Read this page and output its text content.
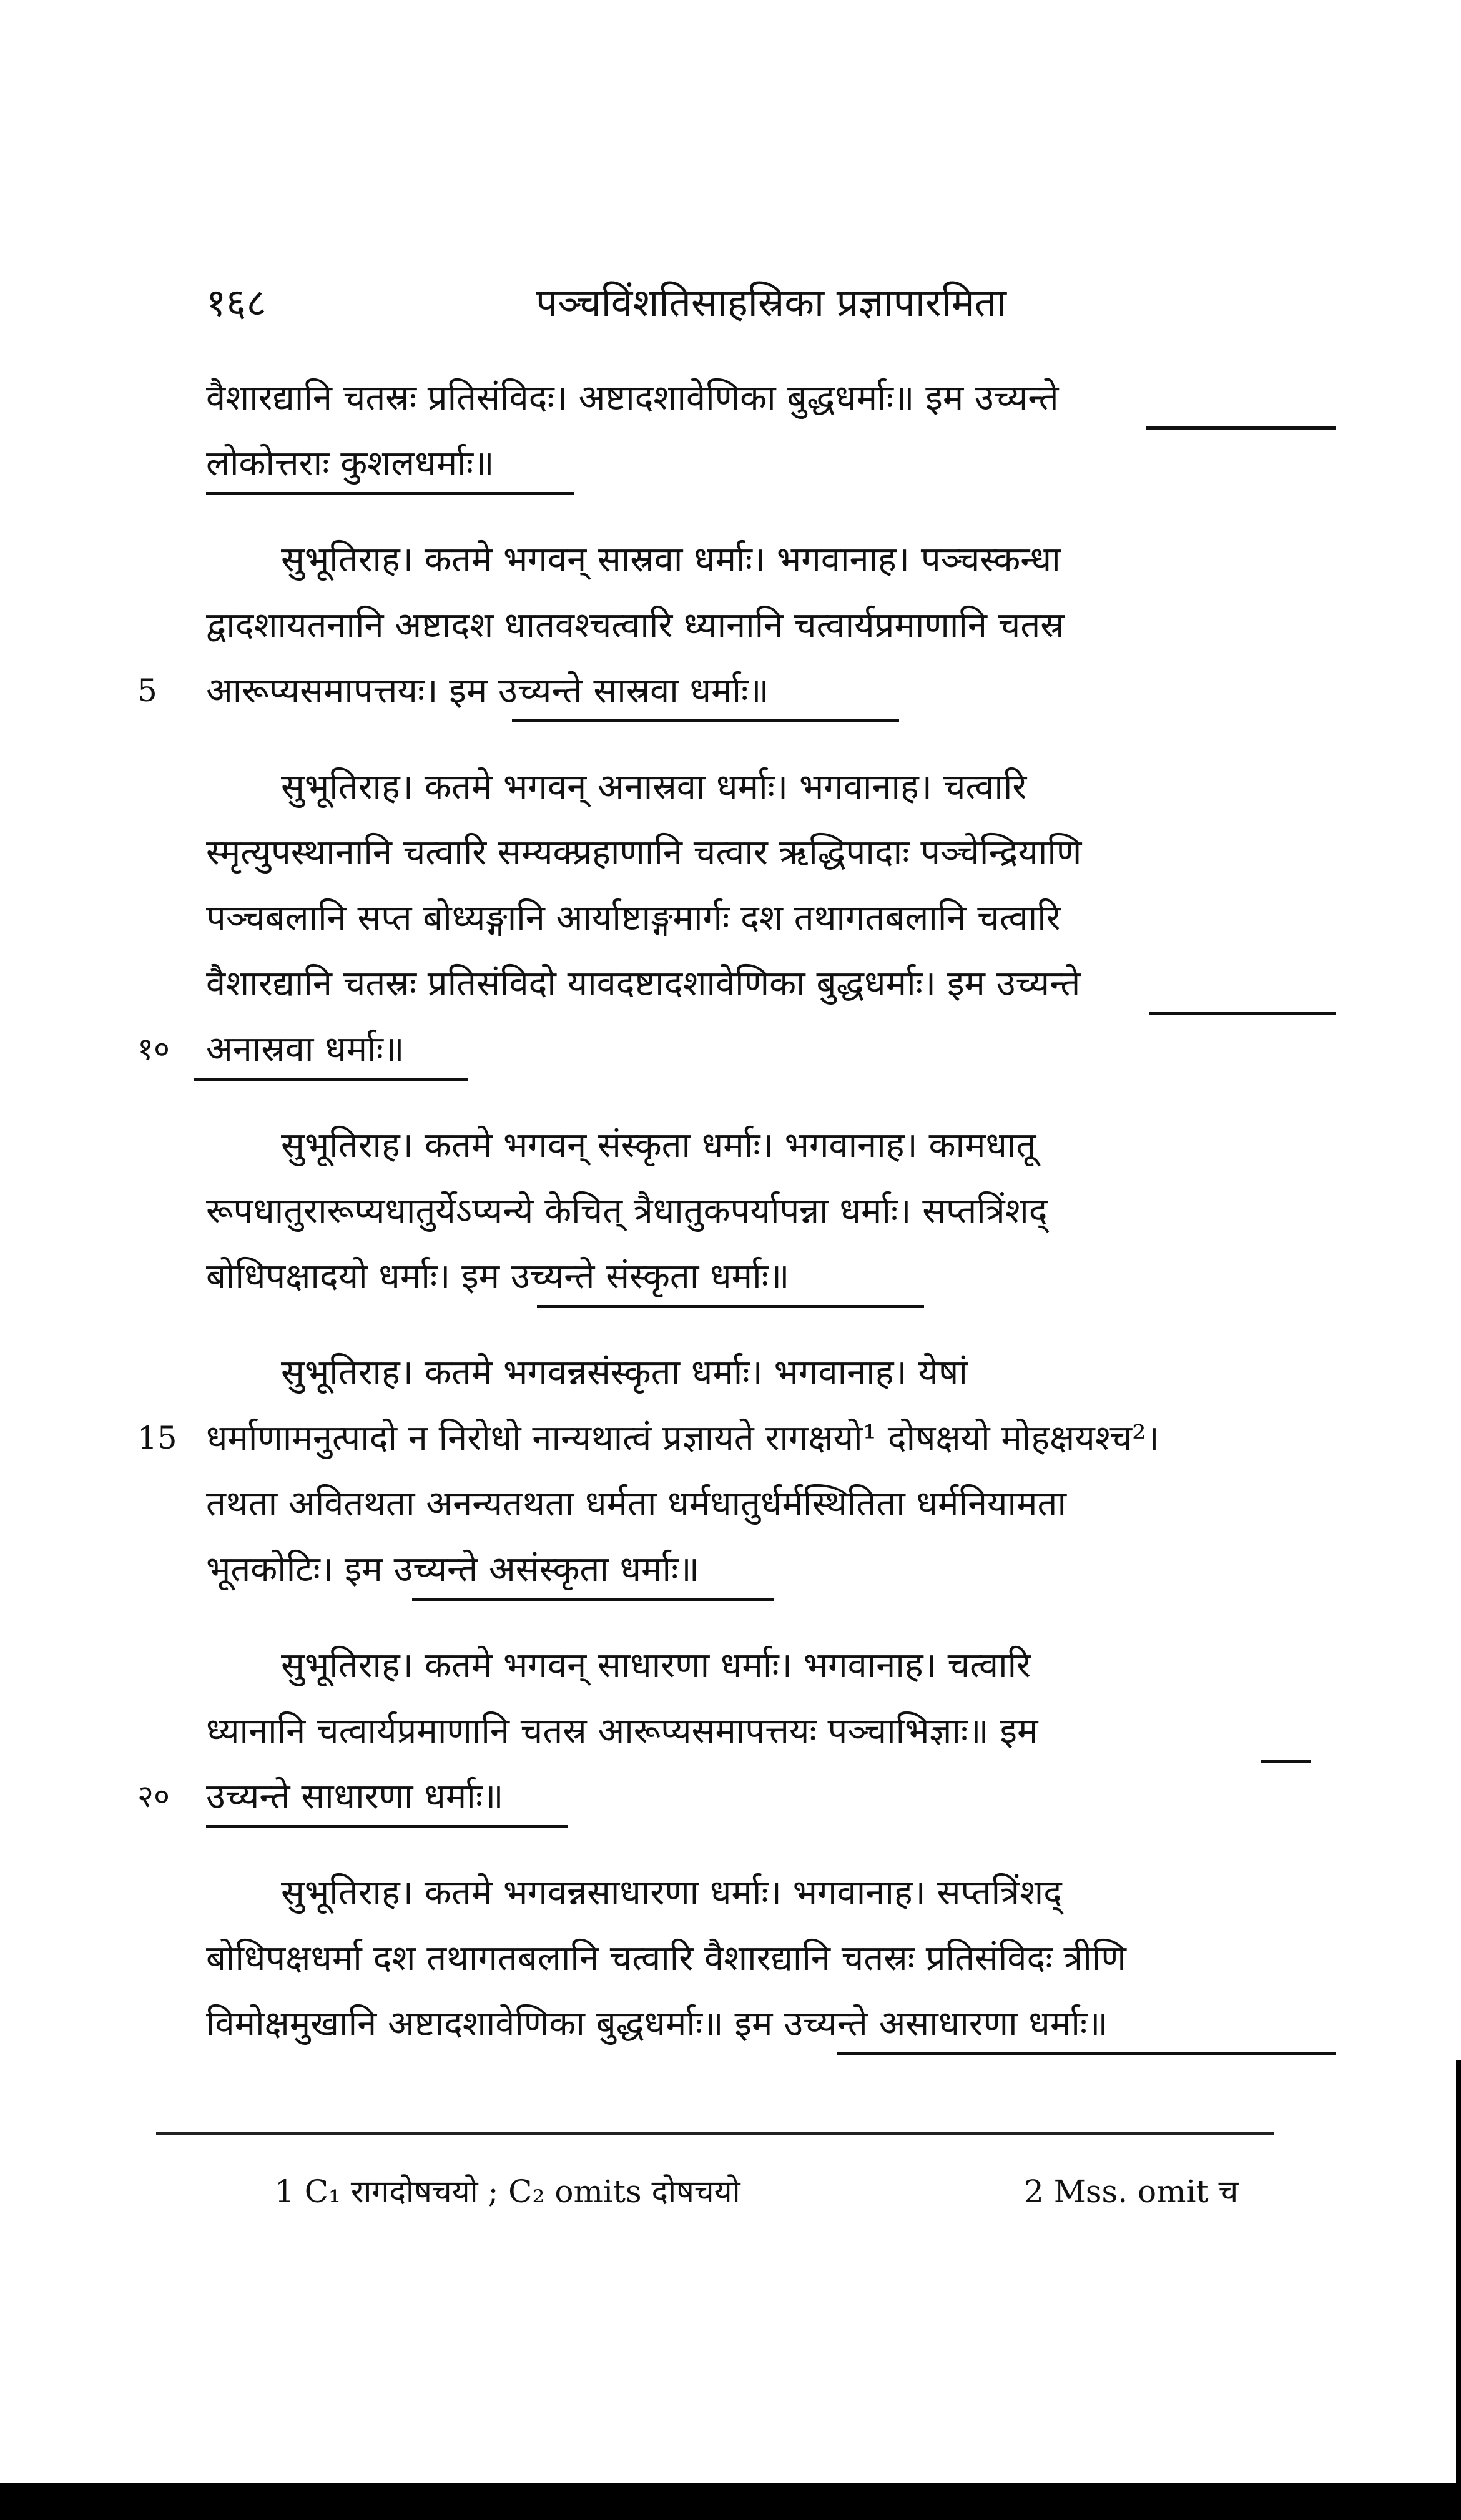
१६८	पञ्चविंशतिसाहस्रिका प्रज्ञापारमिता
वैशारद्यानि चतस्रः प्रतिसंविदः। अष्टादशावेणिका बुद्धधर्माः॥ इम उच्यन्ते
लोकोत्तराः कुशलधर्माः॥
सुभूतिराह। कतमे भगवन् सास्रवा धर्माः। भगवानाह। पञ्चस्कन्धा
द्वादशायतनानि अष्टादश धातवश्चत्वारि ध्यानानि चत्वार्यप्रमाणानि चतस्र
5	आरूप्यसमापत्तयः। इम उच्यन्ते सास्रवा धर्माः॥
सुभूतिराह। कतमे भगवन् अनास्रवा धर्माः। भगवानाह। चत्वारि
स्मृत्युपस्थानानि चत्वारि सम्यक्प्रहाणानि चत्वार ऋद्धिपादाः पञ्चेन्द्रियाणि
पञ्चबलानि सप्त बोध्यङ्गानि आर्याष्टाङ्गमार्गः दश तथागतबलानि चत्वारि
वैशारद्यानि चतस्रः प्रतिसंविदो यावदष्टादशावेणिका बुद्धधर्माः। इम उच्यन्ते
१०	अनास्रवा धर्माः॥
सुभूतिराह। कतमे भगवन् संस्कृता धर्माः। भगवानाह। कामधातू
रूपधातुरारूप्यधातुर्येऽप्यन्ये केचित् त्रैधातुकपर्यापन्ना धर्माः। सप्तत्रिंशद्
बोधिपक्षादयो धर्माः। इम उच्यन्ते संस्कृता धर्माः॥
सुभूतिराह। कतमे भगवन्नसंस्कृता धर्माः। भगवानाह। येषां
15 धर्माणामनुत्पादो न निरोधो नान्यथात्वं प्रज्ञायते रागक्षयो¹ दोषक्षयो मोहक्षयश्च²।
तथता अवितथता अनन्यतथता धर्मता धर्मधातुर्धर्मस्थितिता धर्मनियामता
भूतकोटिः। इम उच्यन्ते असंस्कृता धर्माः॥
सुभूतिराह। कतमे भगवन् साधारणा धर्माः। भगवानाह। चत्वारि
ध्यानानि चत्वार्यप्रमाणानि चतस्र आरूप्यसमापत्तयः पञ्चाभिज्ञाः॥ इम
२०	उच्यन्ते साधारणा धर्माः॥
सुभूतिराह। कतमे भगवन्नसाधारणा धर्माः। भगवानाह। सप्तत्रिंशद्
बोधिपक्षधर्मा दश तथागतबलानि चत्वारि वैशारद्यानि चतस्रः प्रतिसंविदः त्रीणि
विमोक्षमुखानि अष्टादशावेणिका बुद्धधर्माः॥ इम उच्यन्ते असाधारणा धर्माः॥
1 C₁ रागदोषचयो ; C₂ omits दोषचयो	2 Mss. omit च
